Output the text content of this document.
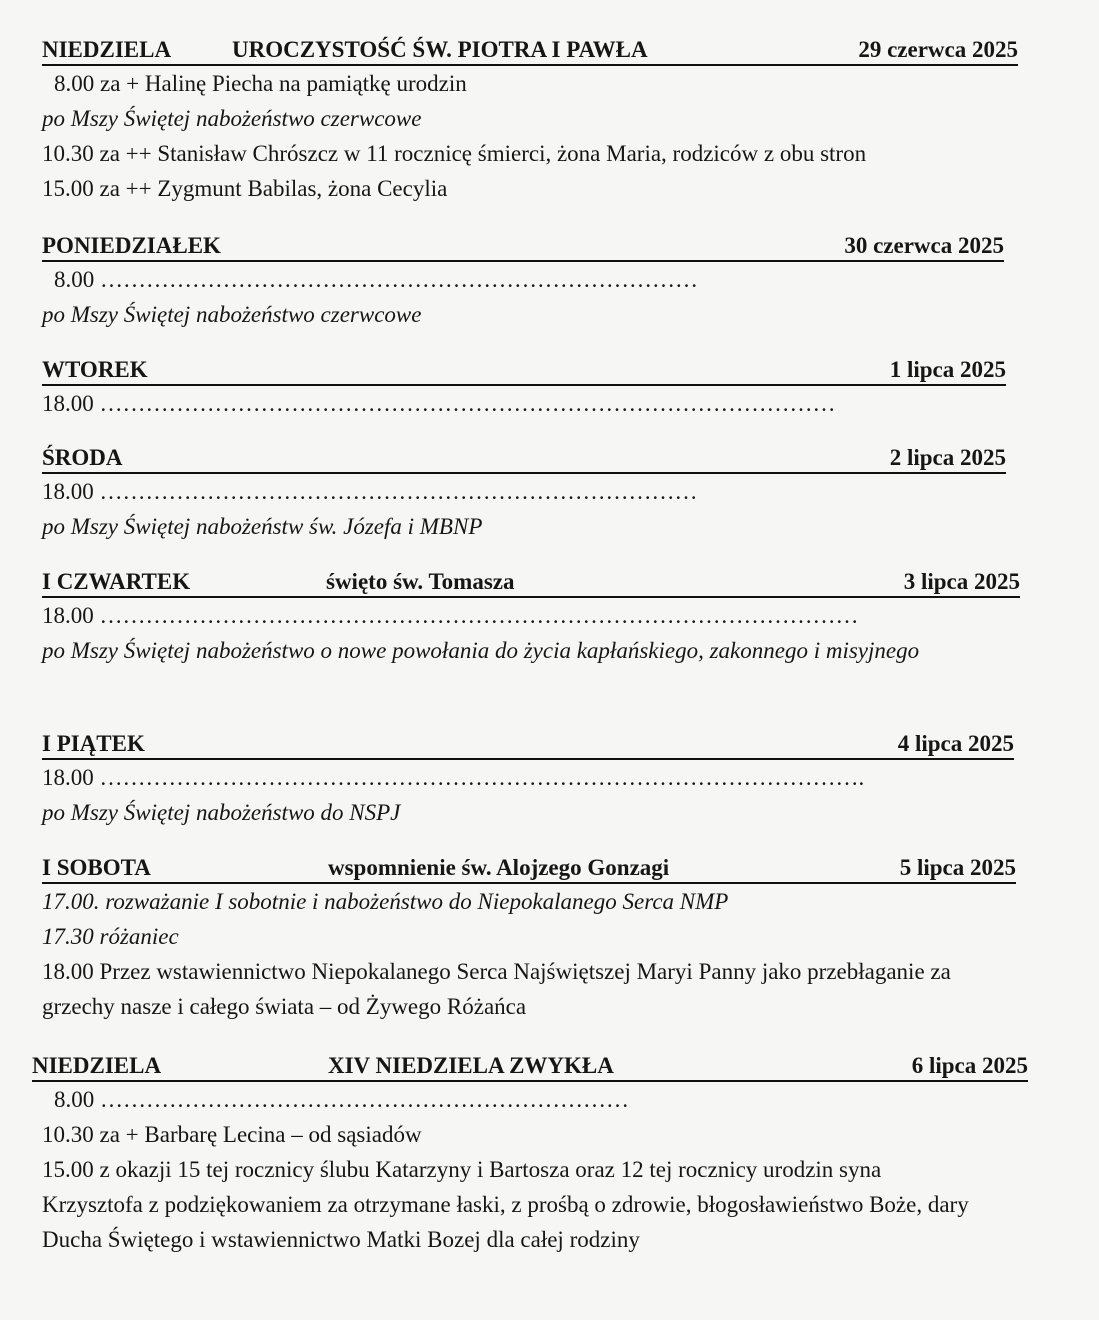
NIEDZIELA	UROCZYSTOŚĆ ŚW. PIOTRA I PAWŁA	29 czerwca 2025
8.00 za + Halinę Piecha na pamiątkę urodzin
po Mszy Świętej nabożeństwo czerwcowe
10.30 za ++ Stanisław Chrószcz w 11 rocznicę śmierci, żona Maria, rodziców z obu stron
15.00 za ++ Zygmunt Babilas, żona Cecylia
PONIEDZIAŁEK	30 czerwca 2025
8.00 ……………………………………………………………………
po Mszy Świętej nabożeństwo czerwcowe
WTOREK	1 lipca 2025
18.00 ……………………………………………………………………………………
ŚRODA	2 lipca 2025
18.00 ……………………………………………………………………
po Mszy Świętej nabożeństw św. Józefa i MBNP
I CZWARTEK	święto św. Tomasza	3 lipca 2025
18.00 ………………………………………………………………………………………
po Mszy Świętej nabożeństwo o nowe powołania do życia kapłańskiego, zakonnego i misyjnego
I PIĄTEK	4 lipca 2025
18.00 ……………………………………………………………………………………….
po Mszy Świętej nabożeństwo do NSPJ
I SOBOTA	wspomnienie św. Alojzego Gonzagi	5 lipca 2025
17.00. rozważanie I sobotnie i nabożeństwo do Niepokalanego Serca NMP
17.30 różaniec
18.00 Przez wstawiennictwo Niepokalanego Serca Najświętszej Maryi Panny jako przebłaganie za grzechy nasze i całego świata – od Żywego Różańca
NIEDZIELA	XIV NIEDZIELA ZWYKŁA	6 lipca 2025
8.00 ……………………………………………………………
10.30 za + Barbarę Lecina – od sąsiadów
15.00 z okazji 15 tej rocznicy ślubu Katarzyny i Bartosza oraz 12 tej rocznicy urodzin syna Krzysztofa z podziękowaniem za otrzymane łaski, z prośbą o zdrowie, błogosławieństwo Boże, dary Ducha Świętego i wstawiennictwo Matki Bozej dla całej rodziny
